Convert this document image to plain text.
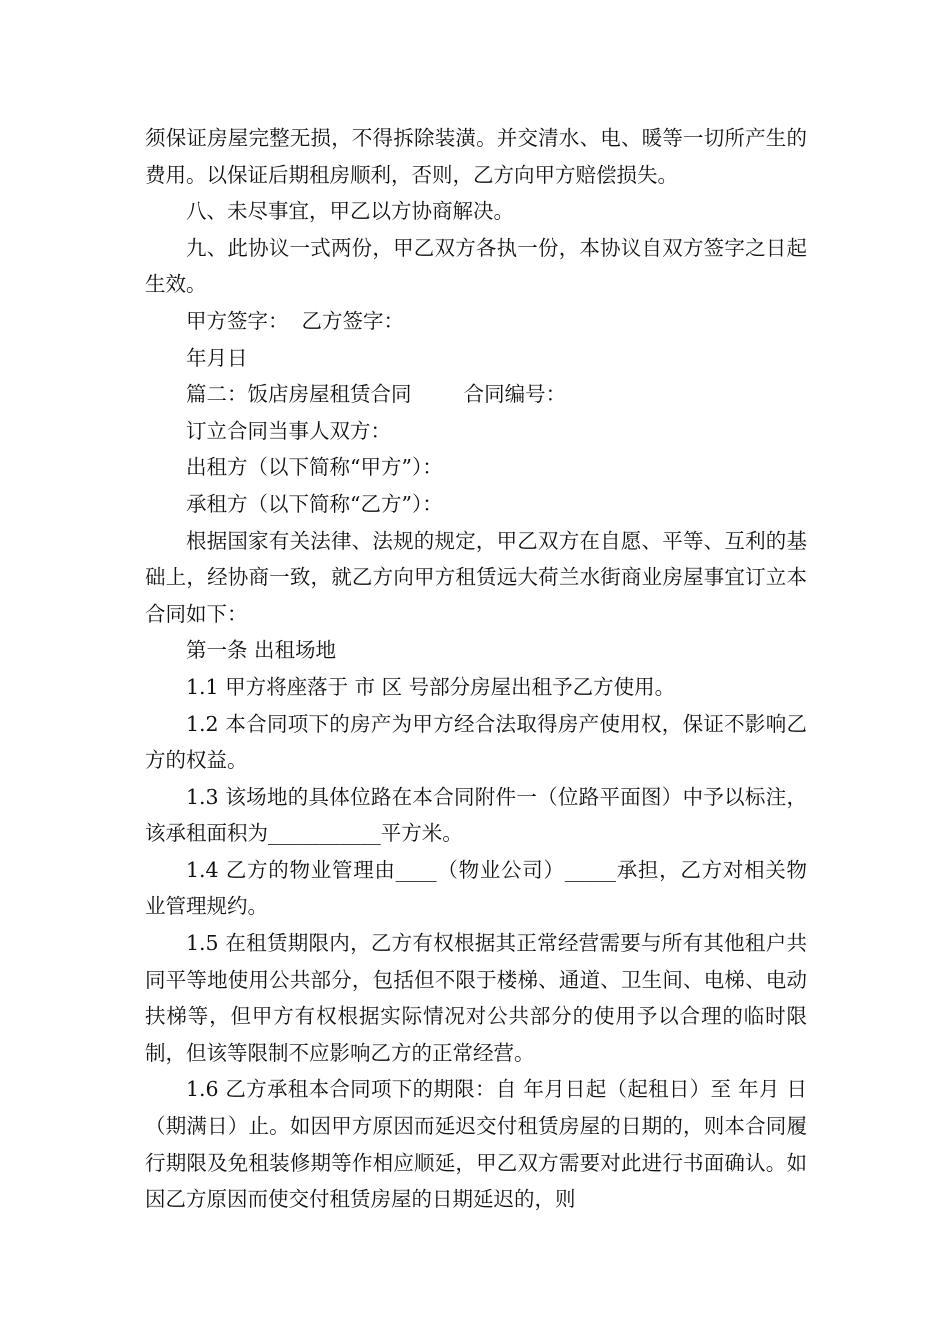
须保证房屋完整无损，不得拆除装潢。并交清水、电、暖等一切所产生的费用。以保证后期租房顺利，否则，乙方向甲方赔偿损失。

八、未尽事宜，甲乙以方协商解决。

九、此协议一式两份，甲乙双方各执一份，本协议自双方签字之日起生效。

甲方签字：  乙方签字：

年月日

篇二：饭店房屋租赁合同        合同编号：

订立合同当事人双方：

出租方（以下简称“甲方”）：

承租方（以下简称“乙方”）：

根据国家有关法律、法规的规定，甲乙双方在自愿、平等、互利的基础上，经协商一致，就乙方向甲方租赁远大荷兰水街商业房屋事宜订立本合同如下：

第一条 出租场地

1.1 甲方将座落于 市 区 号部分房屋出租予乙方使用。

1.2 本合同项下的房产为甲方经合法取得房产使用权，保证不影响乙方的权益。

1.3 该场地的具体位路在本合同附件一（位路平面图）中予以标注，该承租面积为___________平方米。

1.4 乙方的物业管理由____（物业公司）_____承担，乙方对相关物业管理规约。

1.5 在租赁期限内，乙方有权根据其正常经营需要与所有其他租户共同平等地使用公共部分，包括但不限于楼梯、通道、卫生间、电梯、电动扶梯等，但甲方有权根据实际情况对公共部分的使用予以合理的临时限制，但该等限制不应影响乙方的正常经营。

1.6 乙方承租本合同项下的期限：自 年月日起（起租日）至 年月 日（期满日）止。如因甲方原因而延迟交付租赁房屋的日期的，则本合同履行期限及免租装修期等作相应顺延，甲乙双方需要对此进行书面确认。如因乙方原因而使交付租赁房屋的日期延迟的，则
